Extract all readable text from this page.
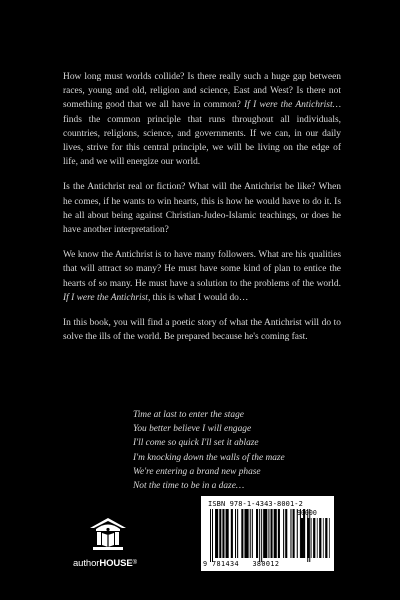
How long must worlds collide? Is there really such a huge gap between races, young and old, religion and science, East and West? Is there not something good that we all have in common? If I were the Antichrist… finds the common principle that runs throughout all individuals, countries, religions, science, and governments. If we can, in our daily lives, strive for this central principle, we will be living on the edge of life, and we will energize our world.

Is the Antichrist real or fiction? What will the Antichrist be like? When he comes, if he wants to win hearts, this is how he would have to do it. Is he all about being against Christian-Judeo-Islamic teachings, or does he have another interpretation?

We know the Antichrist is to have many followers. What are his qualities that will attract so many? He must have some kind of plan to entice the hearts of so many. He must have a solution to the problems of the world. If I were the Antichrist, this is what I would do…

In this book, you will find a poetic story of what the Antichrist will do to solve the ills of the world. Be prepared because he's coming fast.

Time at last to enter the stage
You better believe I will engage
I'll come so quick I'll set it ablaze
I'm knocking down the walls of the maze
We're entering a brand new phase
Not the time to be in a daze…
authorHOUSE®
ISBN 978-1-4343-8001-2
90000
9 781434 380012
